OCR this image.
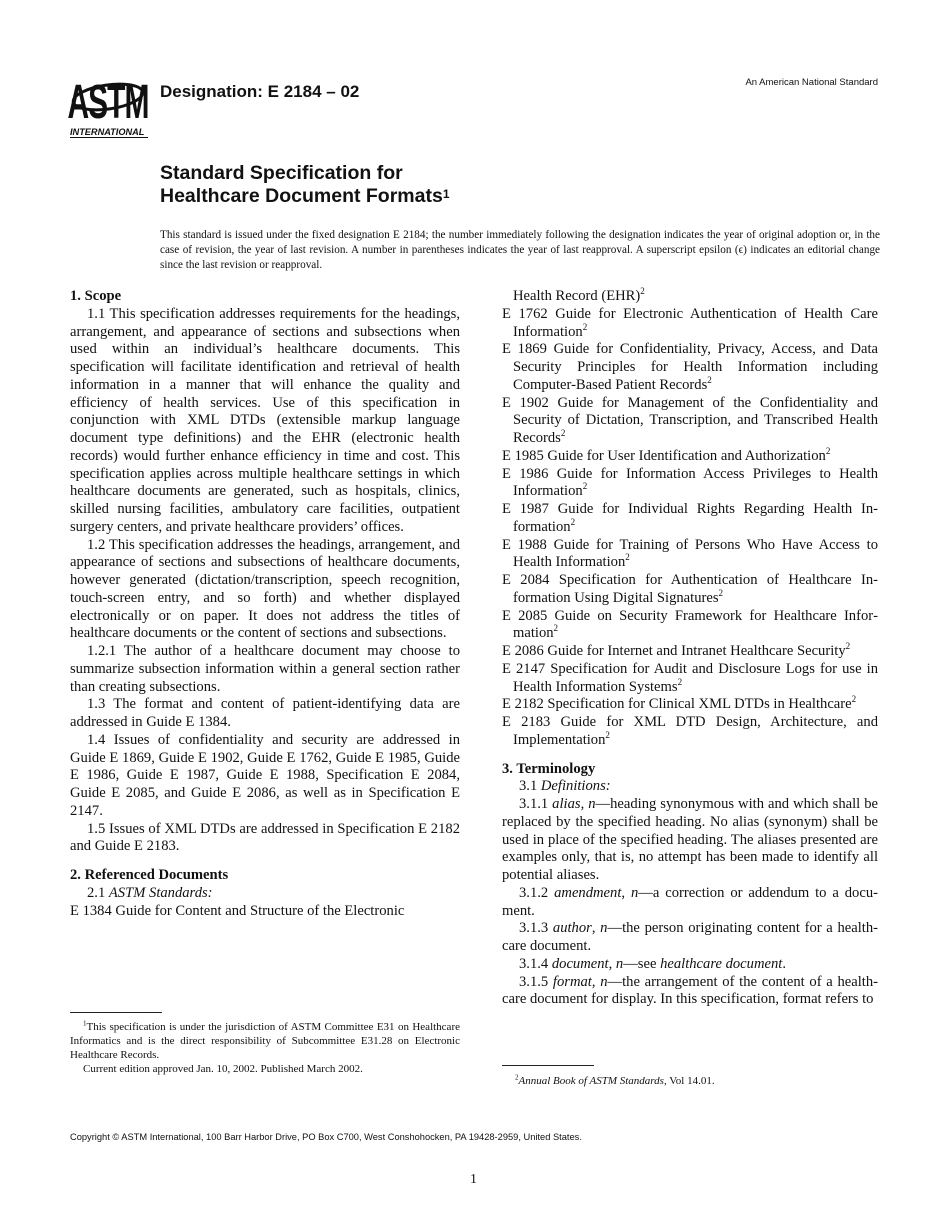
ASTM
INTERNATIONAL
Designation: E 2184 – 02	An American National Standard
Standard Specification for
Healthcare Document Formats$^1$
This standard is issued under the fixed designation E 2184; the number immediately following the designation indicates the year of original adoption or, in the case of revision, the year of last revision. A number in parentheses indicates the year of last reapproval. A superscript epsilon (ϵ) indicates an editorial change since the last revision or reapproval.
1. Scope
1.1 This specification addresses requirements for the headings, arrangement, and appearance of sections and subsections when used within an individual’s healthcare documents. This specification will facilitate identification and retrieval of health information in a manner that will enhance the quality and efficiency of health services. Use of this specification in conjunction with XML DTDs (extensible markup language document type definitions) and the EHR (electronic health records) would further enhance efficiency in time and cost. This specification applies across multiple healthcare settings in which healthcare documents are generated, such as hospitals, clinics, skilled nursing facilities, ambulatory care facilities, outpatient surgery centers, and private healthcare providers’ offices.
1.2 This specification addresses the headings, arrangement, and appearance of sections and subsections of healthcare documents, however generated (dictation/transcription, speech recognition, touch-screen entry, and so forth) and whether displayed electronically or on paper. It does not address the titles of healthcare documents or the content of sections and subsections.
1.2.1 The author of a healthcare document may choose to summarize subsection information within a general section rather than creating subsections.
1.3 The format and content of patient-identifying data are addressed in Guide E 1384.
1.4 Issues of confidentiality and security are addressed in Guide E 1869, Guide E 1902, Guide E 1762, Guide E 1985, Guide E 1986, Guide E 1987, Guide E 1988, Specification E 2084, Guide E 2085, and Guide E 2086, as well as in Specification E 2147.
1.5 Issues of XML DTDs are addressed in Specification E 2182 and Guide E 2183.
2. Referenced Documents
2.1 ASTM Standards:
E 1384 Guide for Content and Structure of the Electronic
Health Record (EHR)$^2$
E 1762 Guide for Electronic Authentication of Health Care Information$^2$
E 1869 Guide for Confidentiality, Privacy, Access, and Data Security Principles for Health Information including Computer-Based Patient Records$^2$
E 1902 Guide for Management of the Confidentiality and Security of Dictation, Transcription, and Transcribed Health Records$^2$
E 1985 Guide for User Identification and Authorization$^2$
E 1986 Guide for Information Access Privileges to Health Information$^2$
E 1987 Guide for Individual Rights Regarding Health Information$^2$
E 1988 Guide for Training of Persons Who Have Access to Health Information$^2$
E 2084 Specification for Authentication of Healthcare Information Using Digital Signatures$^2$
E 2085 Guide on Security Framework for Healthcare Information$^2$
E 2086 Guide for Internet and Intranet Healthcare Security$^2$
E 2147 Specification for Audit and Disclosure Logs for use in Health Information Systems$^2$
E 2182 Specification for Clinical XML DTDs in Healthcare$^2$
E 2183 Guide for XML DTD Design, Architecture, and Implementation$^2$
3. Terminology
3.1 Definitions:
3.1.1 alias, n—heading synonymous with and which shall be replaced by the specified heading. No alias (synonym) shall be used in place of the specified heading. The aliases presented are examples only, that is, no attempt has been made to identify all potential aliases.
3.1.2 amendment, n—a correction or addendum to a document.
3.1.3 author, n—the person originating content for a healthcare document.
3.1.4 document, n—see healthcare document.
3.1.5 format, n—the arrangement of the content of a healthcare document for display. In this specification, format refers to

$^1$This specification is under the jurisdiction of ASTM Committee E31 on Healthcare Informatics and is the direct responsibility of Subcommittee E31.28 on Electronic Healthcare Records.

Current edition approved Jan. 10, 2002. Published March 2002.

$^2$Annual Book of ASTM Standards, Vol 14.01.

Copyright © ASTM International, 100 Barr Harbor Drive, PO Box C700, West Conshohocken, PA 19428-2959, United States.
1
